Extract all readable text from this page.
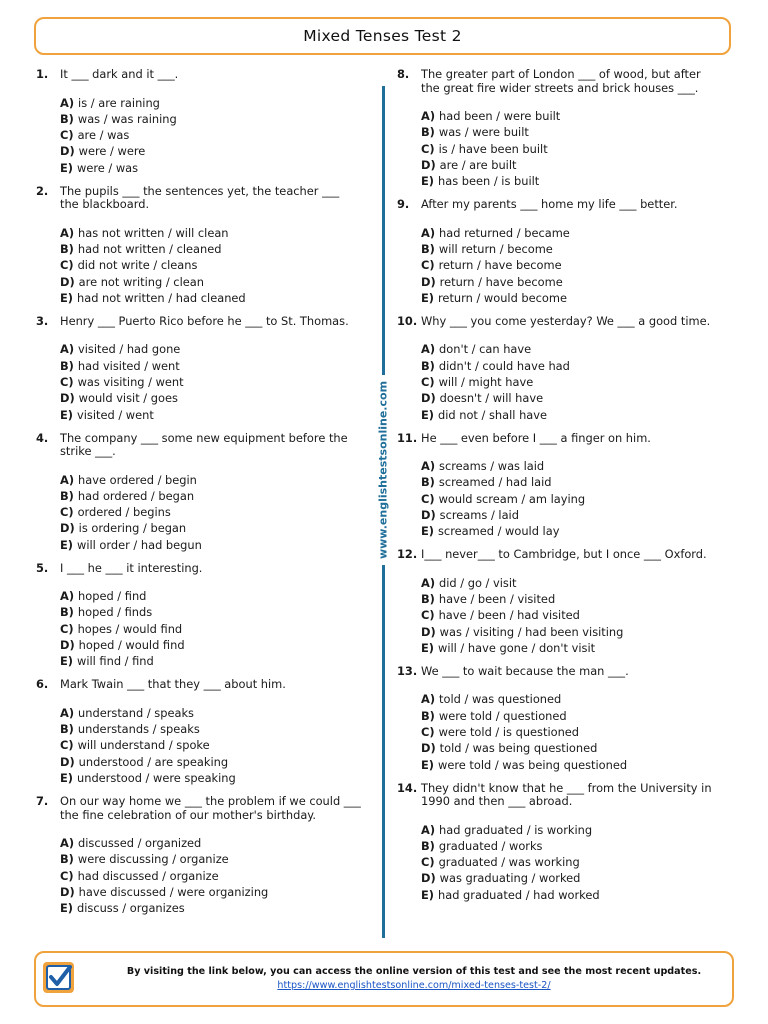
Mixed Tenses Test 2
1.	It ___ dark and it ___.
A) is / are raining
B) was / was raining
C) are / was
D) were / were
E) were / was
2.	The pupils ___ the sentences yet, the teacher ___ the blackboard.
A) has not written / will clean
B) had not written / cleaned
C) did not write / cleans
D) are not writing / clean
E) had not written / had cleaned
3.	Henry ___ Puerto Rico before he ___ to St. Thomas.
A) visited / had gone
B) had visited / went
C) was visiting / went
D) would visit / goes
E) visited / went
4.	The company ___ some new equipment before the strike ___.
A) have ordered / begin
B) had ordered / began
C) ordered / begins
D) is ordering / began
E) will order / had begun
5.	I ___ he ___ it interesting.
A) hoped / find
B) hoped / finds
C) hopes / would find
D) hoped / would find
E) will find / find
6.	Mark Twain ___ that they ___ about him.
A) understand / speaks
B) understands / speaks
C) will understand / spoke
D) understood / are speaking
E) understood / were speaking
7.	On our way home we ___ the problem if we could ___ the fine celebration of our mother's birthday.
A) discussed / organized
B) were discussing / organize
C) had discussed / organize
D) have discussed / were organizing
E) discuss / organizes
www.englishtestsonline.com
8.	The greater part of London ___ of wood, but after the great fire wider streets and brick houses ___.
A) had been / were built
B) was / were built
C) is / have been built
D) are / are built
E) has been / is built
9.	After my parents ___ home my life ___ better.
A) had returned / became
B) will return / become
C) return / have become
D) return / have become
E) return / would become
10. Why ___ you come yesterday? We ___ a good time.
A) don't / can have
B) didn't / could have had
C) will / might have
D) doesn't / will have
E) did not / shall have
11. He ___ even before I ___ a finger on him.
A) screams / was laid
B) screamed / had laid
C) would scream / am laying
D) screams / laid
E) screamed / would lay
12. I___ never___ to Cambridge, but I once ___ Oxford.
A) did / go / visit
B) have / been / visited
C) have / been / had visited
D) was / visiting / had been visiting
E) will / have gone / don't visit
13. We ___ to wait because the man ___.
A) told / was questioned
B) were told / questioned
C) were told / is questioned
D) told / was being questioned
E) were told / was being questioned
14. They didn't know that he ___ from the University in 1990 and then ___ abroad.
A) had graduated / is working
B) graduated / works
C) graduated / was working
D) was graduating / worked
E) had graduated / had worked
By visiting the link below, you can access the online version of this test and see the most recent updates.
https://www.englishtestsonline.com/mixed-tenses-test-2/
